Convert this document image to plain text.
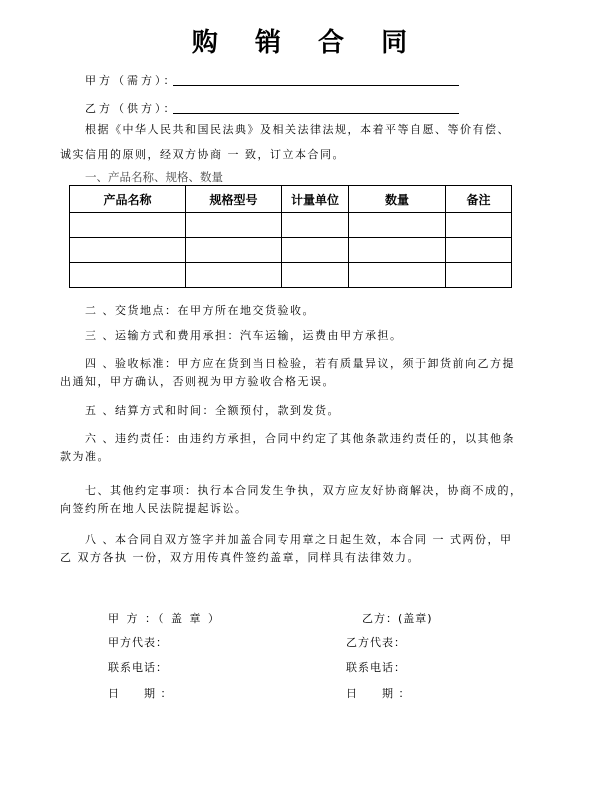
购 销 合 同
甲方（需方）：
乙方（供方）：
根据《中华人民共和国民法典》及相关法律法规，本着平等自愿、等价有偿、
诚实信用的原则，经双方协商 一 致，订立本合同。
一、产品名称、规格、数量
产品名称	规格型号	计量单位	数量	备注

二 、交货地点：在甲方所在地交货验收。
三 、运输方式和费用承担：汽车运输，运费由甲方承担。
四 、验收标准：甲方应在货到当日检验，若有质量异议，须于卸货前向乙方提
出通知，甲方确认，否则视为甲方验收合格无误。
五 、结算方式和时间：全额预付，款到发货。
六 、违约责任：由违约方承担，合同中约定了其他条款违约责任的，以其他条
款为准。
七、其他约定事项：执行本合同发生争执，双方应友好协商解决，协商不成的，
向签约所在地人民法院提起诉讼。
八 、本合同自双方签字并加盖合同专用章之日起生效，本合同 一 式两份，甲
乙 双方各执 一份，双方用传真件签约盖章，同样具有法律效力。
甲 方 ：（ 盖 章 ）	乙方：(盖章)
甲方代表：	乙方代表：
联系电话：	联系电话：
日　　期 ：	日　　期 ：
